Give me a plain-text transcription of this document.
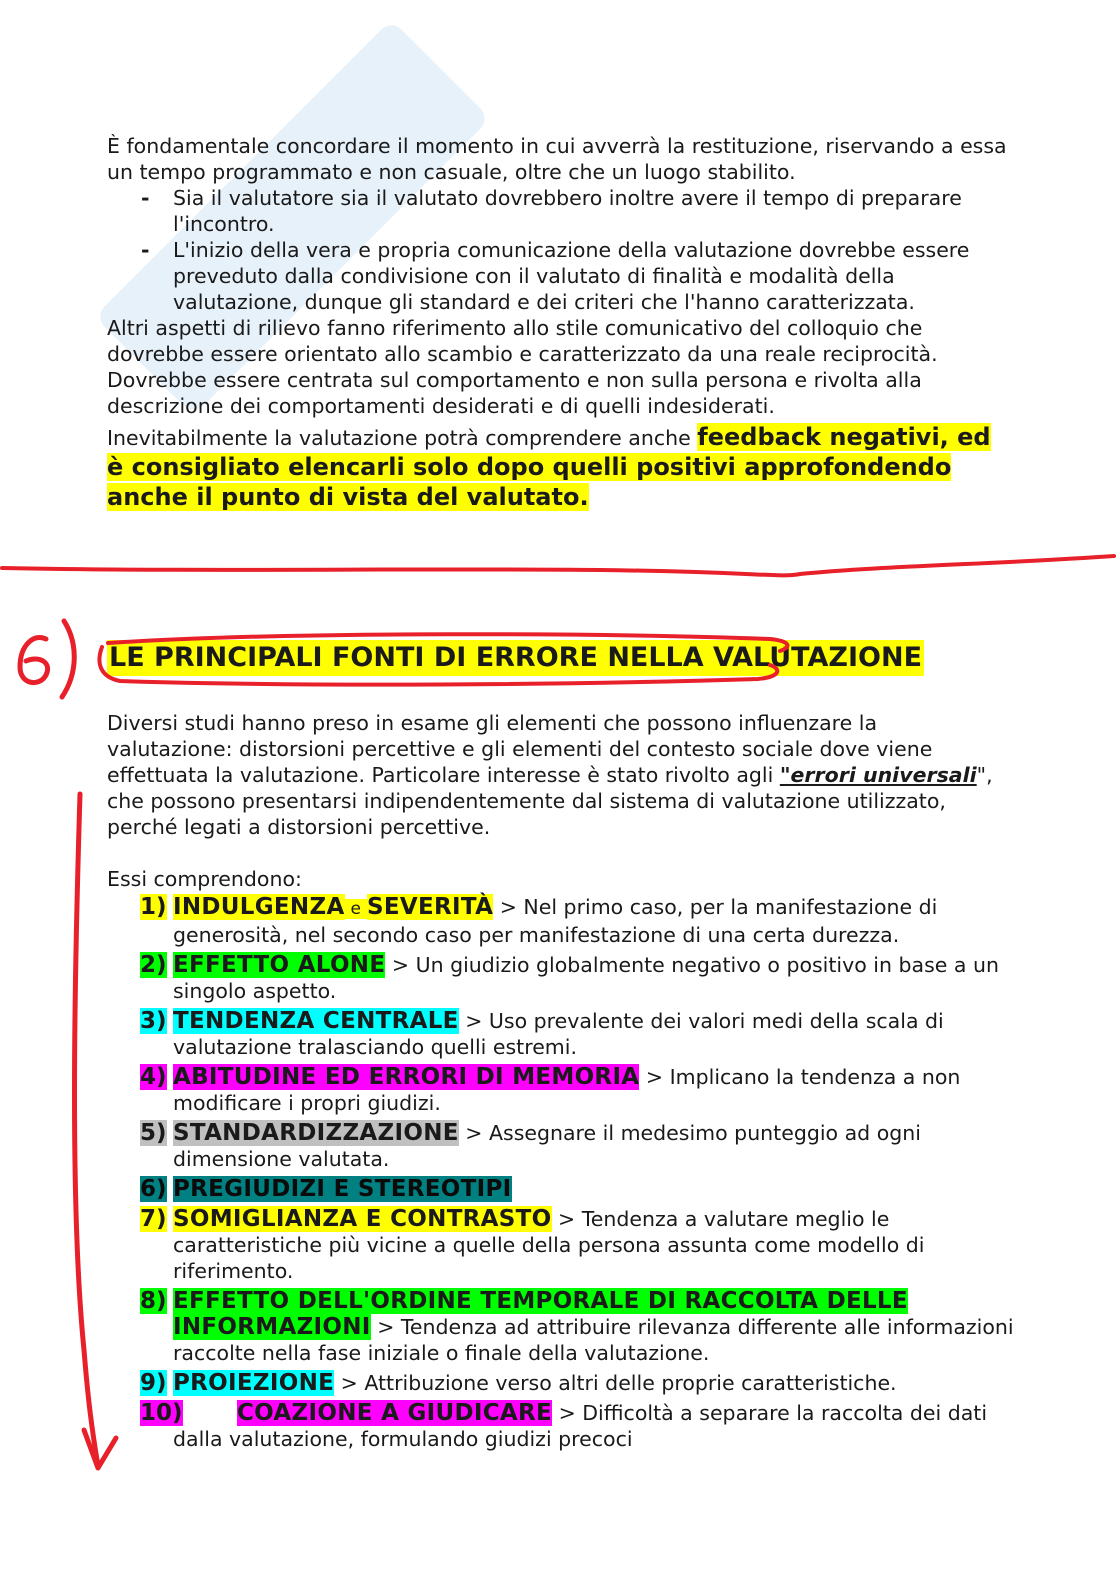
È fondamentale concordare il momento in cui avverrà la restituzione, riservando a essa un tempo programmato e non casuale, oltre che un luogo stabilito.

- Sia il valutatore sia il valutato dovrebbero inoltre avere il tempo di preparare l'incontro.
- L'inizio della vera e propria comunicazione della valutazione dovrebbe essere preveduto dalla condivisione con il valutato di finalità e modalità della valutazione, dunque gli standard e dei criteri che l'hanno caratterizzata.

Altri aspetti di rilievo fanno riferimento allo stile comunicativo del colloquio che dovrebbe essere orientato allo scambio e caratterizzato da una reale reciprocità. Dovrebbe essere centrata sul comportamento e non sulla persona e rivolta alla descrizione dei comportamenti desiderati e di quelli indesiderati.

Inevitabilmente la valutazione potrà comprendere anche feedback negativi, ed è consigliato elencarli solo dopo quelli positivi approfondendo anche il punto di vista del valutato.

LE PRINCIPALI FONTI DI ERRORE NELLA VALUTAZIONE

Diversi studi hanno preso in esame gli elementi che possono influenzare la valutazione: distorsioni percettive e gli elementi del contesto sociale dove viene effettuata la valutazione. Particolare interesse è stato rivolto agli "errori universali", che possono presentarsi indipendentemente dal sistema di valutazione utilizzato, perché legati a distorsioni percettive.

Essi comprendono:

1) INDULGENZA e SEVERITÀ > Nel primo caso, per la manifestazione di generosità, nel secondo caso per manifestazione di una certa durezza.
2) EFFETTO ALONE > Un giudizio globalmente negativo o positivo in base a un singolo aspetto.
3) TENDENZA CENTRALE > Uso prevalente dei valori medi della scala di valutazione tralasciando quelli estremi.
4) ABITUDINE ED ERRORI DI MEMORIA > Implicano la tendenza a non modificare i propri giudizi.
5) STANDARDIZZAZIONE > Assegnare il medesimo punteggio ad ogni dimensione valutata.
6) PREGIUDIZI E STEREOTIPI
7) SOMIGLIANZA E CONTRASTO > Tendenza a valutare meglio le caratteristiche più vicine a quelle della persona assunta come modello di riferimento.
8) EFFETTO DELL'ORDINE TEMPORALE DI RACCOLTA DELLE INFORMAZIONI > Tendenza ad attribuire rilevanza differente alle informazioni raccolte nella fase iniziale o finale della valutazione.
9) PROIEZIONE > Attribuzione verso altri delle proprie caratteristiche.
10) COAZIONE A GIUDICARE > Difficoltà a separare la raccolta dei dati dalla valutazione, formulando giudizi precoci
